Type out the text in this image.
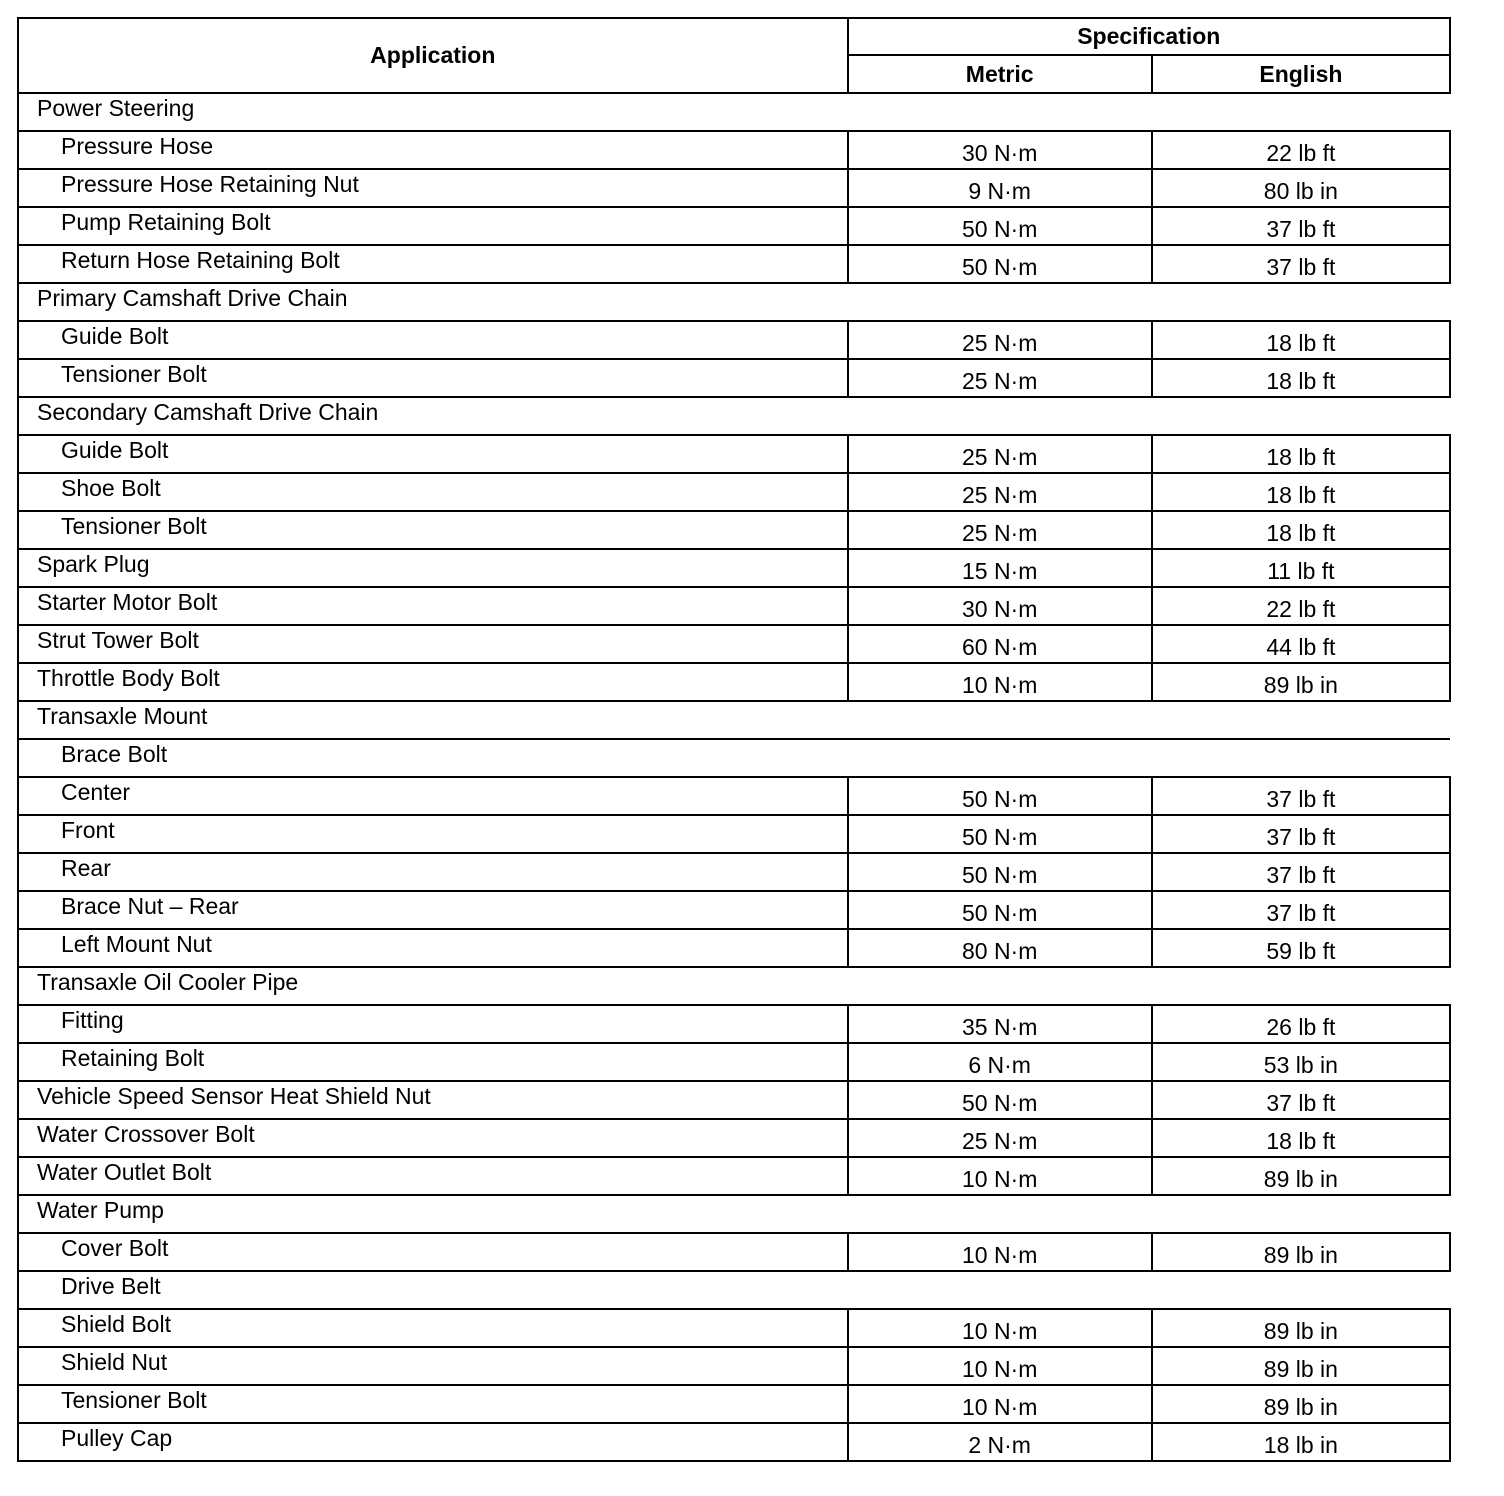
Application	Specification	
	Metric	English
Power Steering		
Pressure Hose	30 N·m	22 lb ft
Pressure Hose Retaining Nut	9 N·m	80 lb in
Pump Retaining Bolt	50 N·m	37 lb ft
Return Hose Retaining Bolt	50 N·m	37 lb ft
Primary Camshaft Drive Chain		
Guide Bolt	25 N·m	18 lb ft
Tensioner Bolt	25 N·m	18 lb ft
Secondary Camshaft Drive Chain		
Guide Bolt	25 N·m	18 lb ft
Shoe Bolt	25 N·m	18 lb ft
Tensioner Bolt	25 N·m	18 lb ft
Spark Plug	15 N·m	11 lb ft
Starter Motor Bolt	30 N·m	22 lb ft
Strut Tower Bolt	60 N·m	44 lb ft
Throttle Body Bolt	10 N·m	89 lb in
Transaxle Mount		
Brace Bolt		
Center	50 N·m	37 lb ft
Front	50 N·m	37 lb ft
Rear	50 N·m	37 lb ft
Brace Nut – Rear	50 N·m	37 lb ft
Left Mount Nut	80 N·m	59 lb ft
Transaxle Oil Cooler Pipe		
Fitting	35 N·m	26 lb ft
Retaining Bolt	6 N·m	53 lb in
Vehicle Speed Sensor Heat Shield Nut	50 N·m	37 lb ft
Water Crossover Bolt	25 N·m	18 lb ft
Water Outlet Bolt	10 N·m	89 lb in
Water Pump		
Cover Bolt	10 N·m	89 lb in
Drive Belt		
Shield Bolt	10 N·m	89 lb in
Shield Nut	10 N·m	89 lb in
Tensioner Bolt	10 N·m	89 lb in
Pulley Cap	2 N·m	18 lb in
